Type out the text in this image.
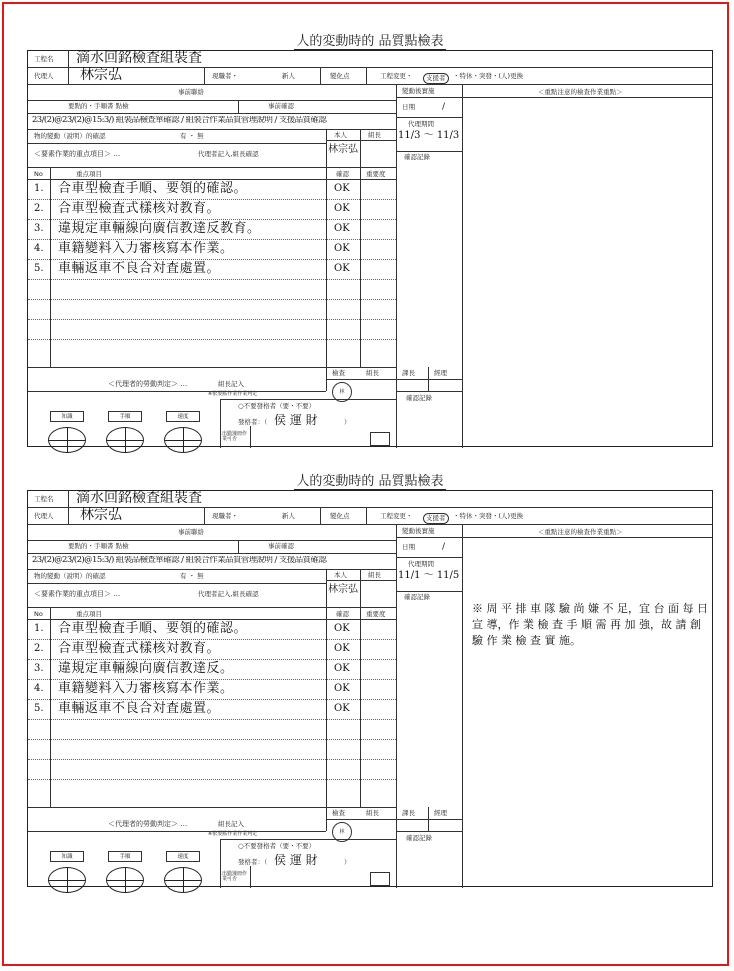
人的変動時的 品質點檢表
工程名 滴水回銘檢査組裝査
代理人 林宗弘	現職者・	新人	變化点	工程変更・	支援者	・特休・突發・(人)更換
變動後實施	＜重點注意的檢查作業重點＞
日期	/
代理期間
11/3 〜 11/3
確認記錄
事前聯絡
要點的・手順書 點檢	事前確認
23/(2)@23/(2)@15:3/) 組裝品檢查單確認 / 組裝合作業品質管理說明 / 支援品質確認
物的變動（說明）的確認	有 ・ 無	本人	組長
林宗弘
＜要素作業的重点項目＞ …	代理者記入,組長確認
No	重点項目	確認	重要度
1. 合車型檢査手順、要領的確認。	OK
2. 合車型檢査式樣核対教育。	OK
3. 違規定車輛線向廣信教達反教育。	OK
4. 車籍變料入力審核寫本作業。	OK
5. 車輛返車不良合対査處置。	OK
檢查	組長	課長	經理
林
＜代理者的勞動判定＞ …	組長記入
※依要點作業作業判定	確認記錄
○不要發格者（要・不要）
發格者：（ 侯 運 財	）
出勤簿冊作業可否
知識	手順	速度
人的変動時的 品質點檢表
工程名 滴水回銘檢査組裝査
代理人 林宗弘	現職者・	新人	變化点	工程変更・	支援者	・特休・突發・(人)更換
變動後實施	＜重點注意的檢查作業重點＞
日期	/
代理期間
11/1 〜 11/5
確認記錄
事前聯絡
要點的・手順書 點檢	事前確認
23/(2)@23/(2)@15:3/) 組裝品檢查單確認 / 組裝合作業品質管理說明 / 支援品質確認
物的變動（說明）的確認	有 ・ 無	本人	組長
林宗弘
＜要素作業的重点項目＞ …	代理者記入,組長確認
No	重点項目	確認	重要度
1. 合車型檢査手順、要領的確認。	OK
2. 合車型檢査式樣核対教育。	OK
3. 違規定車輛線向廣信教達反。	OK
4. 車籍變料入力審核寫本作業。	OK
5. 車輛返車不良合対査處置。	OK
檢查	組長	課長	經理
林
＜代理者的勞動判定＞ …	組長記入
※依要點作業作業判定	確認記錄
○不要發格者（要・不要）
發格者：（ 侯 運 財	）
出勤簿冊作業可否
知識	手順	速度
※ 周 平 排 車 隊 驗 尚 嫌 不 足，宜 台 面 每 日 宣 導，作 業 檢 査 手 順 需 再 加 強，故 請 創 驗 作 業 檢 查 實 施。
